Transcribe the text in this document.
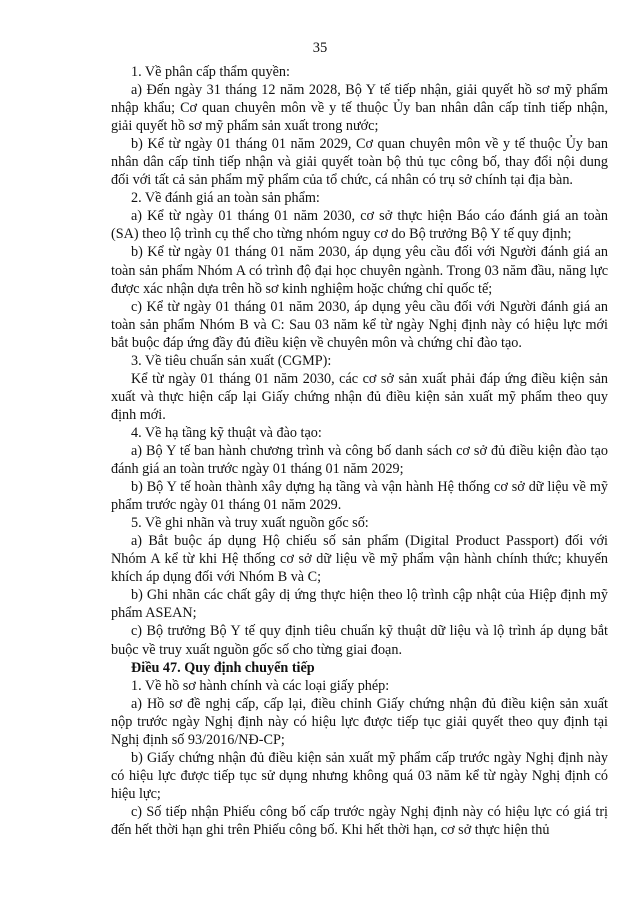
35

1. Về phân cấp thẩm quyền:

a) Đến ngày 31 tháng 12 năm 2028, Bộ Y tế tiếp nhận, giải quyết hồ sơ mỹ phẩm nhập khẩu; Cơ quan chuyên môn về y tế thuộc Ủy ban nhân dân cấp tỉnh tiếp nhận, giải quyết hồ sơ mỹ phẩm sản xuất trong nước;

b) Kể từ ngày 01 tháng 01 năm 2029, Cơ quan chuyên môn về y tế thuộc Ủy ban nhân dân cấp tỉnh tiếp nhận và giải quyết toàn bộ thủ tục công bố, thay đổi nội dung đối với tất cả sản phẩm mỹ phẩm của tổ chức, cá nhân có trụ sở chính tại địa bàn.

2. Về đánh giá an toàn sản phẩm:

a) Kể từ ngày 01 tháng 01 năm 2030, cơ sở thực hiện Báo cáo đánh giá an toàn (SA) theo lộ trình cụ thể cho từng nhóm nguy cơ do Bộ trưởng Bộ Y tế quy định;

b) Kể từ ngày 01 tháng 01 năm 2030, áp dụng yêu cầu đối với Người đánh giá an toàn sản phẩm Nhóm A có trình độ đại học chuyên ngành. Trong 03 năm đầu, năng lực được xác nhận dựa trên hồ sơ kinh nghiệm hoặc chứng chỉ quốc tế;

c) Kể từ ngày 01 tháng 01 năm 2030, áp dụng yêu cầu đối với Người đánh giá an toàn sản phẩm Nhóm B và C: Sau 03 năm kể từ ngày Nghị định này có hiệu lực mới bắt buộc đáp ứng đầy đủ điều kiện về chuyên môn và chứng chỉ đào tạo.

3. Về tiêu chuẩn sản xuất (CGMP):

Kể từ ngày 01 tháng 01 năm 2030, các cơ sở sản xuất phải đáp ứng điều kiện sản xuất và thực hiện cấp lại Giấy chứng nhận đủ điều kiện sản xuất mỹ phẩm theo quy định mới.

4. Về hạ tầng kỹ thuật và đào tạo:

a) Bộ Y tế ban hành chương trình và công bố danh sách cơ sở đủ điều kiện đào tạo đánh giá an toàn trước ngày 01 tháng 01 năm 2029;

b) Bộ Y tế hoàn thành xây dựng hạ tầng và vận hành Hệ thống cơ sở dữ liệu về mỹ phẩm trước ngày 01 tháng 01 năm 2029.

5. Về ghi nhãn và truy xuất nguồn gốc số:

a) Bắt buộc áp dụng Hộ chiếu số sản phẩm (Digital Product Passport) đối với Nhóm A kể từ khi Hệ thống cơ sở dữ liệu về mỹ phẩm vận hành chính thức; khuyến khích áp dụng đối với Nhóm B và C;

b) Ghi nhãn các chất gây dị ứng thực hiện theo lộ trình cập nhật của Hiệp định mỹ phẩm ASEAN;

c) Bộ trưởng Bộ Y tế quy định tiêu chuẩn kỹ thuật dữ liệu và lộ trình áp dụng bắt buộc về truy xuất nguồn gốc số cho từng giai đoạn.

Điều 47. Quy định chuyển tiếp

1. Về hồ sơ hành chính và các loại giấy phép:

a) Hồ sơ đề nghị cấp, cấp lại, điều chỉnh Giấy chứng nhận đủ điều kiện sản xuất nộp trước ngày Nghị định này có hiệu lực được tiếp tục giải quyết theo quy định tại Nghị định số 93/2016/NĐ-CP;

b) Giấy chứng nhận đủ điều kiện sản xuất mỹ phẩm cấp trước ngày Nghị định này có hiệu lực được tiếp tục sử dụng nhưng không quá 03 năm kể từ ngày Nghị định có hiệu lực;

c) Số tiếp nhận Phiếu công bố cấp trước ngày Nghị định này có hiệu lực có giá trị đến hết thời hạn ghi trên Phiếu công bố. Khi hết thời hạn, cơ sở thực hiện thủ
